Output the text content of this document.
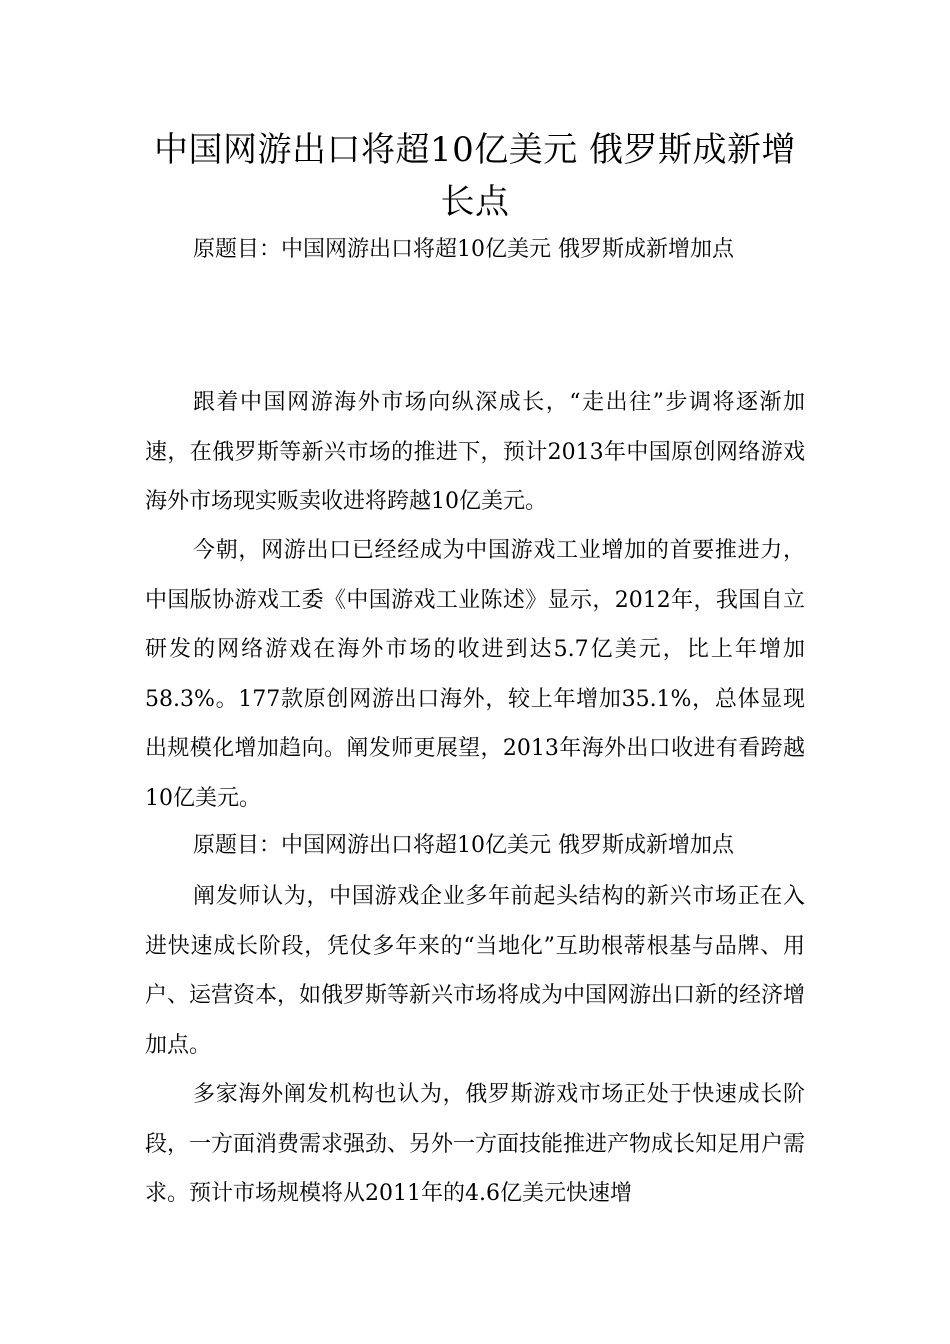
中国网游出口将超10亿美元 俄罗斯成新增长点

原题目：中国网游出口将超10亿美元 俄罗斯成新增加点

跟着中国网游海外市场向纵深成长，“走出往”步调将逐渐加速，在俄罗斯等新兴市场的推进下，预计2013年中国原创网络游戏海外市场现实贩卖收进将跨越10亿美元。

今朝，网游出口已经经成为中国游戏工业增加的首要推进力，中国版协游戏工委《中国游戏工业陈述》显示，2012年，我国自立研发的网络游戏在海外市场的收进到达5.7亿美元，比上年增加58.3%。177款原创网游出口海外，较上年增加35.1%，总体显现出规模化增加趋向。阐发师更展望，2013年海外出口收进有看跨越10亿美元。

原题目：中国网游出口将超10亿美元 俄罗斯成新增加点

阐发师认为，中国游戏企业多年前起头结构的新兴市场正在入进快速成长阶段，凭仗多年来的“当地化”互助根蒂根基与品牌、用户、运营资本，如俄罗斯等新兴市场将成为中国网游出口新的经济增加点。

多家海外阐发机构也认为，俄罗斯游戏市场正处于快速成长阶段，一方面消费需求强劲、另外一方面技能推进产物成长知足用户需求。预计市场规模将从2011年的4.6亿美元快速增
